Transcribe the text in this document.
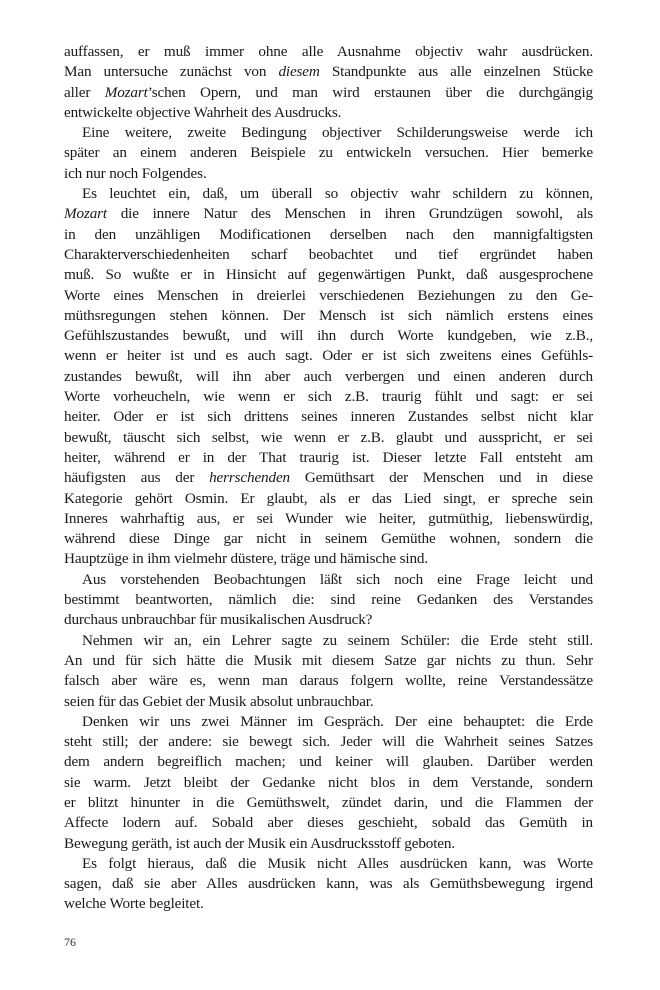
auffassen, er muß immer ohne alle Ausnahme objectiv wahr ausdrücken.
Man untersuche zunächst von diesem Standpunkte aus alle einzelnen Stücke
aller Mozart’schen Opern, und man wird erstaunen über die durchgängig
entwickelte objective Wahrheit des Ausdrucks.
Eine weitere, zweite Bedingung objectiver Schilderungsweise werde ich
später an einem anderen Beispiele zu entwickeln versuchen. Hier bemerke
ich nur noch Folgendes.
Es leuchtet ein, daß, um überall so objectiv wahr schildern zu können,
Mozart die innere Natur des Menschen in ihren Grundzügen sowohl, als
in den unzähligen Modificationen derselben nach den mannigfaltigsten
Charakterverschiedenheiten scharf beobachtet und tief ergründet haben
muß. So wußte er in Hinsicht auf gegenwärtigen Punkt, daß ausgesprochene
Worte eines Menschen in dreierlei verschiedenen Beziehungen zu den Ge-
müthsregungen stehen können. Der Mensch ist sich nämlich erstens eines
Gefühlszustandes bewußt, und will ihn durch Worte kundgeben, wie z.B.,
wenn er heiter ist und es auch sagt. Oder er ist sich zweitens eines Gefühls-
zustandes bewußt, will ihn aber auch verbergen und einen anderen durch
Worte vorheucheln, wie wenn er sich z.B. traurig fühlt und sagt: er sei
heiter. Oder er ist sich drittens seines inneren Zustandes selbst nicht klar
bewußt, täuscht sich selbst, wie wenn er z.B. glaubt und ausspricht, er sei
heiter, während er in der That traurig ist. Dieser letzte Fall entsteht am
häufigsten aus der herrschenden Gemüthsart der Menschen und in diese
Kategorie gehört Osmin. Er glaubt, als er das Lied singt, er spreche sein
Inneres wahrhaftig aus, er sei Wunder wie heiter, gutmüthig, liebenswürdig,
während diese Dinge gar nicht in seinem Gemüthe wohnen, sondern die
Hauptzüge in ihm vielmehr düstere, träge und hämische sind.
Aus vorstehenden Beobachtungen läßt sich noch eine Frage leicht und
bestimmt beantworten, nämlich die: sind reine Gedanken des Verstandes
durchaus unbrauchbar für musikalischen Ausdruck?
Nehmen wir an, ein Lehrer sagte zu seinem Schüler: die Erde steht still.
An und für sich hätte die Musik mit diesem Satze gar nichts zu thun. Sehr
falsch aber wäre es, wenn man daraus folgern wollte, reine Verstandessätze
seien für das Gebiet der Musik absolut unbrauchbar.
Denken wir uns zwei Männer im Gespräch. Der eine behauptet: die Erde
steht still; der andere: sie bewegt sich. Jeder will die Wahrheit seines Satzes
dem andern begreiflich machen; und keiner will glauben. Darüber werden
sie warm. Jetzt bleibt der Gedanke nicht blos in dem Verstande, sondern
er blitzt hinunter in die Gemüthswelt, zündet darin, und die Flammen der
Affecte lodern auf. Sobald aber dieses geschieht, sobald das Gemüth in
Bewegung geräth, ist auch der Musik ein Ausdrucksstoff geboten.
Es folgt hieraus, daß die Musik nicht Alles ausdrücken kann, was Worte
sagen, daß sie aber Alles ausdrücken kann, was als Gemüthsbewegung irgend
welche Worte begleitet.
76
